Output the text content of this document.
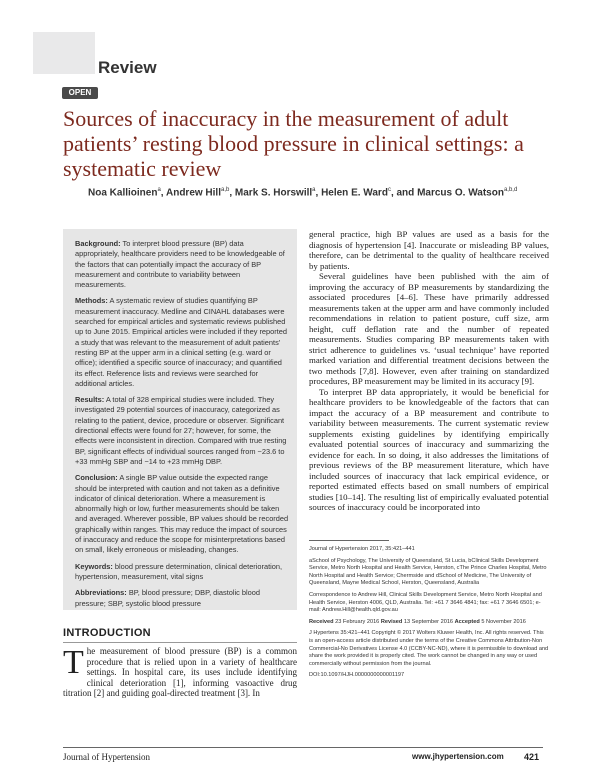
Review
OPEN
Sources of inaccuracy in the measurement of adult patients’ resting blood pressure in clinical settings: a systematic review
Noa Kallioinen$^a$, Andrew Hill$^{a,b}$, Mark S. Horswill$^a$, Helen E. Ward$^c$, and Marcus O. Watson$^{a,b,d}$

Background: To interpret blood pressure (BP) data appropriately, healthcare providers need to be knowledgeable of the factors that can potentially impact the accuracy of BP measurement and contribute to variability between measurements.

Methods: A systematic review of studies quantifying BP measurement inaccuracy. Medline and CINAHL databases were searched for empirical articles and systematic reviews published up to June 2015. Empirical articles were included if they reported a study that was relevant to the measurement of adult patients’ resting BP at the upper arm in a clinical setting (e.g. ward or office); identified a specific source of inaccuracy; and quantified its effect. Reference lists and reviews were searched for additional articles.

Results: A total of 328 empirical studies were included. They investigated 29 potential sources of inaccuracy, categorized as relating to the patient, device, procedure or observer. Significant directional effects were found for 27; however, for some, the effects were inconsistent in direction. Compared with true resting BP, significant effects of individual sources ranged from −23.6 to +33 mmHg SBP and −14 to +23 mmHg DBP.

Conclusion: A single BP value outside the expected range should be interpreted with caution and not taken as a definitive indicator of clinical deterioration. Where a measurement is abnormally high or low, further measurements should be taken and averaged. Wherever possible, BP values should be recorded graphically within ranges. This may reduce the impact of sources of inaccuracy and reduce the scope for misinterpretations based on small, likely erroneous or misleading, changes.

Keywords: blood pressure determination, clinical deterioration, hypertension, measurement, vital signs

Abbreviations: BP, blood pressure; DBP, diastolic blood pressure; SBP, systolic blood pressure

INTRODUCTION
The measurement of blood pressure (BP) is a common procedure that is relied upon in a variety of healthcare settings. In hospital care, its uses include identifying clinical deterioration [1], informing vasoactive drug titration [2] and guiding goal-directed treatment [3]. In

general practice, high BP values are used as a basis for the diagnosis of hypertension [4]. Inaccurate or misleading BP values, therefore, can be detrimental to the quality of healthcare received by patients.

Several guidelines have been published with the aim of improving the accuracy of BP measurements by standardizing the associated procedures [4–6]. These have primarily addressed measurements taken at the upper arm and have commonly included recommendations in relation to patient posture, cuff size, arm height, cuff deflation rate and the number of repeated measurements. Studies comparing BP measurements taken with strict adherence to guidelines vs. ‘usual technique’ have reported marked variation and differential treatment decisions between the two methods [7,8]. However, even after training on standardized procedures, BP measurement may be limited in its accuracy [9].

To interpret BP data appropriately, it would be beneficial for healthcare providers to be knowledgeable of the factors that can impact the accuracy of a BP measurement and contribute to variability between measurements. The current systematic review supplements existing guidelines by identifying empirically evaluated potential sources of inaccuracy and summarizing the evidence for each. In so doing, it also addresses the limitations of previous reviews of the BP measurement literature, which have included sources of inaccuracy that lack empirical evidence, or reported estimated effects based on small numbers of empirical studies [10–14]. The resulting list of empirically evaluated potential sources of inaccuracy could be incorporated into

Journal of Hypertension 2017, 35:421–441

aSchool of Psychology, The University of Queensland, St Lucia, bClinical Skills Development Service, Metro North Hospital and Health Service, Herston, cThe Prince Charles Hospital, Metro North Hospital and Health Service; Chermside and dSchool of Medicine, The University of Queensland, Mayne Medical School, Herston, Queensland, Australia

Correspondence to Andrew Hill, Clinical Skills Development Service, Metro North Hospital and Health Service, Herston 4006, QLD, Australia. Tel: +61 7 3646 4841; fax: +61 7 3646 6501; e-mail: Andrew.Hill@health.qld.gov.au

Received 23 February 2016 Revised 13 September 2016 Accepted 5 November 2016

J Hypertens 35:421–441 Copyright © 2017 Wolters Kluwer Health, Inc. All rights reserved. This is an open-access article distributed under the terms of the Creative Commons Attribution-Non Commercial-No Derivatives License 4.0 (CCBY-NC-ND), where it is permissible to download and share the work provided it is properly cited. The work cannot be changed in any way or used commercially without permission from the journal.

DOI:10.1097/HJH.0000000000001197

Journal of Hypertension	www.jhypertension.com 421
